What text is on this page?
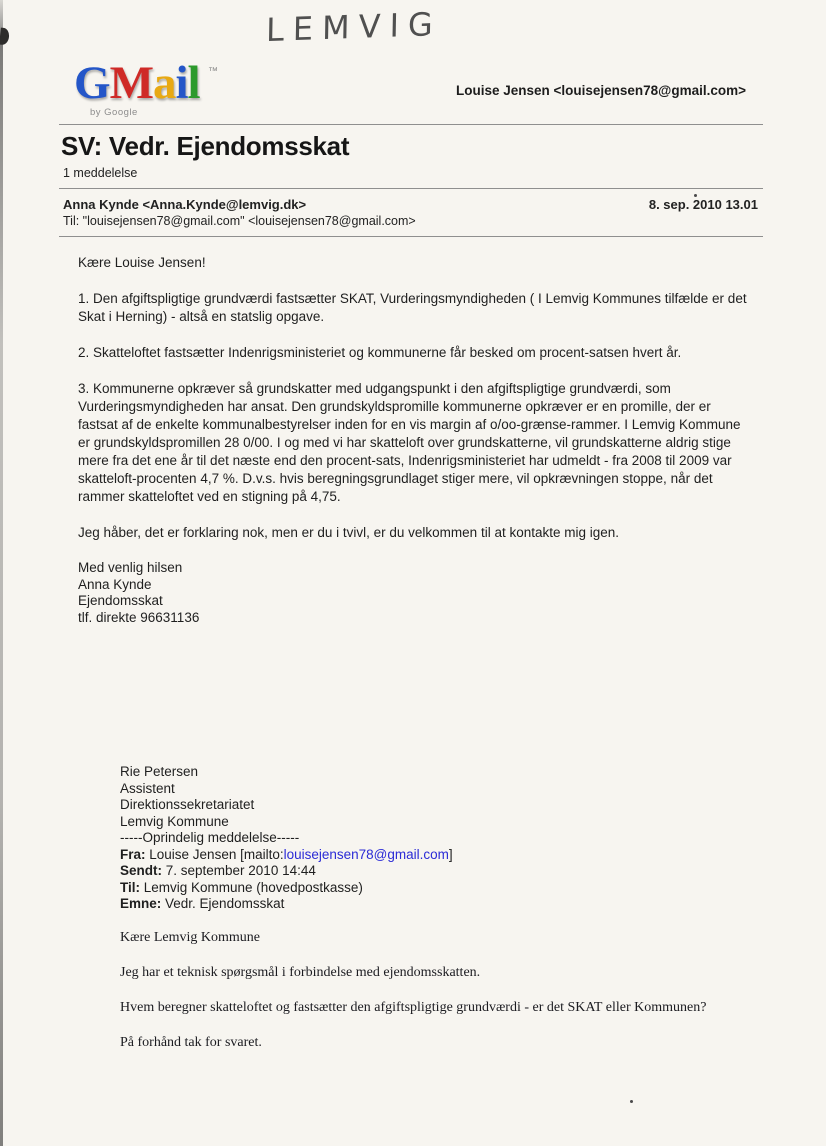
LEMVIG
GMail ™
by Google
Louise Jensen <louisejensen78@gmail.com>
SV: Vedr. Ejendomsskat
1 meddelelse
Anna Kynde <Anna.Kynde@lemvig.dk>	8. sep. 2010 13.01
Til: "louisejensen78@gmail.com" <louisejensen78@gmail.com>

Kære Louise Jensen!

1. Den afgiftspligtige grundværdi fastsætter SKAT, Vurderingsmyndigheden ( I Lemvig Kommunes tilfælde er det Skat i Herning) - altså en statslig opgave.

2. Skatteloftet fastsætter Indenrigsministeriet og kommunerne får besked om procent-satsen hvert år.

3. Kommunerne opkræver så grundskatter med udgangspunkt i den afgiftspligtige grundværdi, som Vurderingsmyndigheden har ansat. Den grundskyldspromille kommunerne opkræver er en promille, der er fastsat af de enkelte kommunalbestyrelser inden for en vis margin af o/oo-grænse-rammer. I Lemvig Kommune er grundskyldspromillen 28 0/00. I og med vi har skatteloft over grundskatterne, vil grundskatterne aldrig stige mere fra det ene år til det næste end den procent-sats, Indenrigsministeriet har udmeldt - fra 2008 til 2009 var skatteloft-procenten 4,7 %. D.v.s. hvis beregningsgrundlaget stiger mere, vil opkrævningen stoppe, når det rammer skatteloftet ved en stigning på 4,75.

Jeg håber, det er forklaring nok, men er du i tvivl, er du velkommen til at kontakte mig igen.

Med venlig hilsen
Anna Kynde
Ejendomsskat
tlf. direkte 96631136
Rie Petersen
Assistent
Direktionssekretariatet
Lemvig Kommune
-----Oprindelig meddelelse-----
Fra: Louise Jensen [mailto:louisejensen78@gmail.com]
Sendt: 7. september 2010 14:44
Til: Lemvig Kommune (hovedpostkasse)
Emne: Vedr. Ejendomsskat

Kære Lemvig Kommune

Jeg har et teknisk spørgsmål i forbindelse med ejendomsskatten.

Hvem beregner skatteloftet og fastsætter den afgiftspligtige grundværdi - er det SKAT eller Kommunen?

På forhånd tak for svaret.
